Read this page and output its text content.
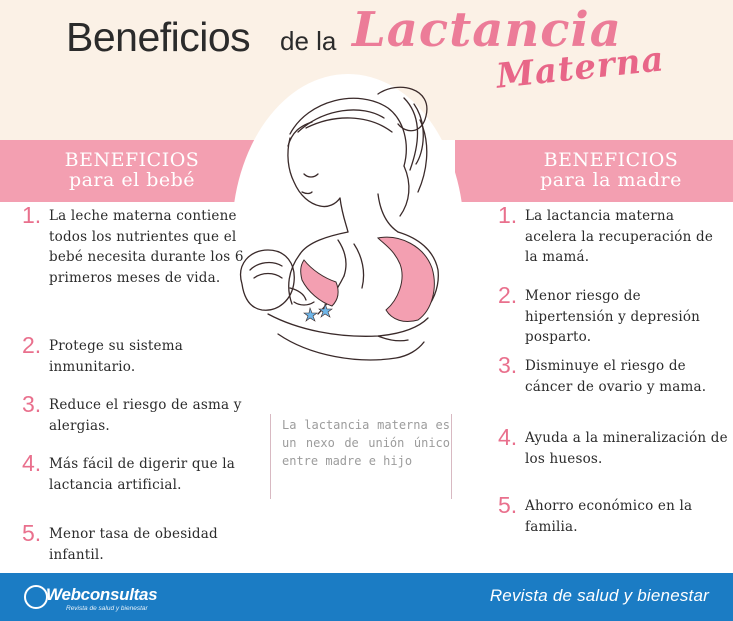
Beneficios de la Lactancia
Materna
BENEFICIOS
para el bebé
BENEFICIOS
para la madre
1. La leche materna contiene todos los nutrientes que el bebé necesita durante los 6 primeros meses de vida.
2. Protege su sistema inmunitario.
3. Reduce el riesgo de asma y alergias.
4. Más fácil de digerir que la lactancia artificial.
5. Menor tasa de obesidad infantil.
1. La lactancia materna acelera la recuperación de la mamá.
2. Menor riesgo de hipertensión y depresión posparto.
3. Disminuye el riesgo de cáncer de ovario y mama.
4. Ayuda a la mineralización de los huesos.
5. Ahorro económico en la familia.

La lactancia materna es un nexo de unión único entre madre e hijo

Webconsultas
Revista de salud y bienestar
Revista de salud y bienestar
